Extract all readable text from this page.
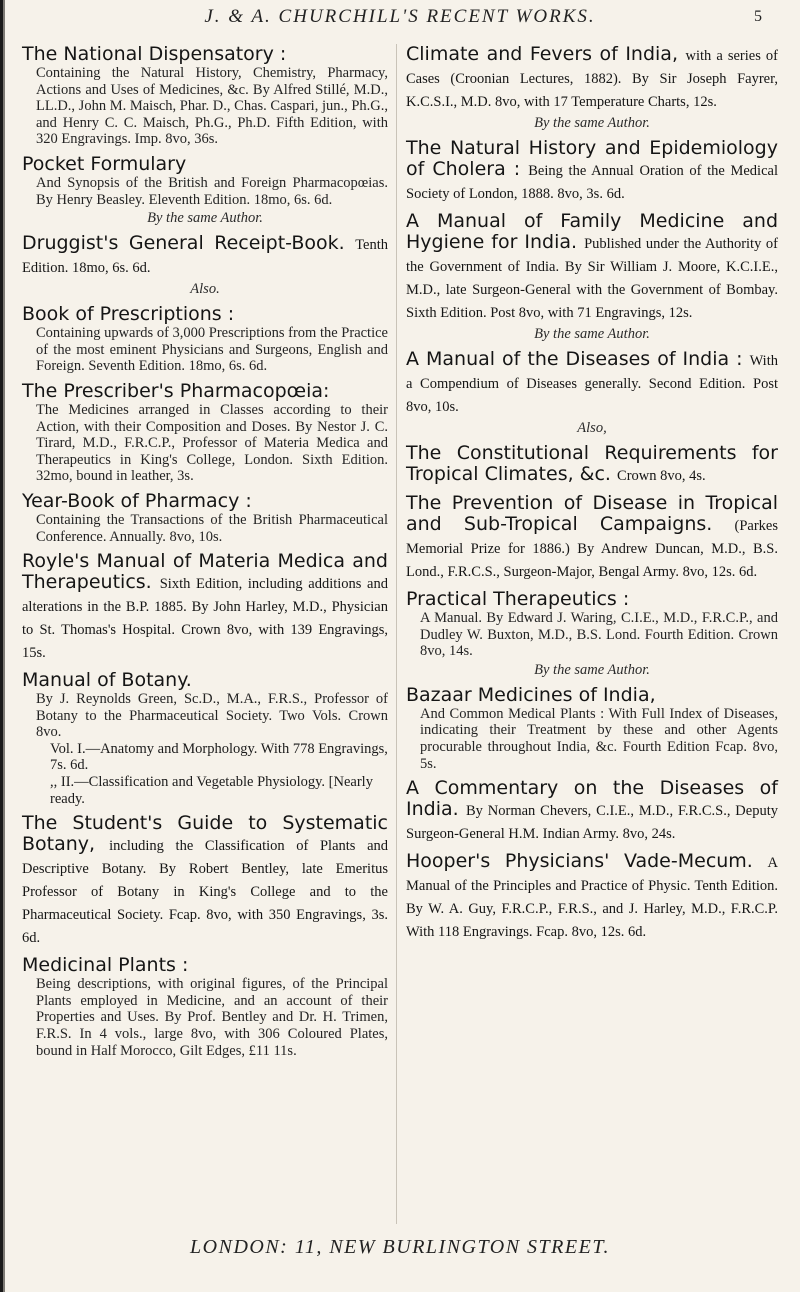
J. & A. CHURCHILL'S RECENT WORKS.	5

The National Dispensatory :

Containing the Natural History, Chemistry, Pharmacy, Actions and Uses of Medicines, &c. By Alfred Stillé, M.D., LL.D., John M. Maisch, Phar. D., Chas. Caspari, jun., Ph.G., and Henry C. C. Maisch, Ph.G., Ph.D. Fifth Edition, with 320 Engravings. Imp. 8vo, 36s.

Pocket Formulary

And Synopsis of the British and Foreign Pharmacopœias. By Henry Beasley. Eleventh Edition. 18mo, 6s. 6d.

By the same Author.

Druggist's General Receipt-Book. Tenth Edition. 18mo, 6s. 6d.

Also.

Book of Prescriptions :

Containing upwards of 3,000 Prescriptions from the Practice of the most eminent Physicians and Surgeons, English and Foreign. Seventh Edition. 18mo, 6s. 6d.

The Prescriber's Pharmacopœia:

The Medicines arranged in Classes according to their Action, with their Composition and Doses. By Nestor J. C. Tirard, M.D., F.R.C.P., Professor of Materia Medica and Therapeutics in King's College, London. Sixth Edition. 32mo, bound in leather, 3s.

Year-Book of Pharmacy :

Containing the Transactions of the British Pharmaceutical Conference. Annually. 8vo, 10s.

Royle's Manual of Materia Medica and Therapeutics. Sixth Edition, including additions and alterations in the B.P. 1885. By John Harley, M.D., Physician to St. Thomas's Hospital. Crown 8vo, with 139 Engravings, 15s.

Manual of Botany.

By J. Reynolds Green, Sc.D., M.A., F.R.S., Professor of Botany to the Pharmaceutical Society. Two Vols. Crown 8vo.

Vol. I.—Anatomy and Morphology. With 778 Engravings, 7s. 6d.

,, II.—Classification and Vegetable Physiology. [Nearly ready.

The Student's Guide to Systematic Botany, including the Classification of Plants and Descriptive Botany. By Robert Bentley, late Emeritus Professor of Botany in King's College and to the Pharmaceutical Society. Fcap. 8vo, with 350 Engravings, 3s. 6d.

Medicinal Plants :

Being descriptions, with original figures, of the Principal Plants employed in Medicine, and an account of their Properties and Uses. By Prof. Bentley and Dr. H. Trimen, F.R.S. In 4 vols., large 8vo, with 306 Coloured Plates, bound in Half Morocco, Gilt Edges, £11 11s.

Climate and Fevers of India, with a series of Cases (Croonian Lectures, 1882). By Sir Joseph Fayrer, K.C.S.I., M.D. 8vo, with 17 Temperature Charts, 12s.

By the same Author.

The Natural History and Epidemiology of Cholera : Being the Annual Oration of the Medical Society of London, 1888. 8vo, 3s. 6d.

A Manual of Family Medicine and Hygiene for India. Published under the Authority of the Government of India. By Sir William J. Moore, K.C.I.E., M.D., late Surgeon-General with the Government of Bombay. Sixth Edition. Post 8vo, with 71 Engravings, 12s.

By the same Author.

A Manual of the Diseases of India : With a Compendium of Diseases generally. Second Edition. Post 8vo, 10s.

Also,

The Constitutional Requirements for Tropical Climates, &c. Crown 8vo, 4s.

The Prevention of Disease in Tropical and Sub-Tropical Campaigns. (Parkes Memorial Prize for 1886.) By Andrew Duncan, M.D., B.S. Lond., F.R.C.S., Surgeon-Major, Bengal Army. 8vo, 12s. 6d.

Practical Therapeutics :

A Manual. By Edward J. Waring, C.I.E., M.D., F.R.C.P., and Dudley W. Buxton, M.D., B.S. Lond. Fourth Edition. Crown 8vo, 14s.

By the same Author.

Bazaar Medicines of India,

And Common Medical Plants : With Full Index of Diseases, indicating their Treatment by these and other Agents procurable throughout India, &c. Fourth Edition Fcap. 8vo, 5s.

A Commentary on the Diseases of India. By Norman Chevers, C.I.E., M.D., F.R.C.S., Deputy Surgeon-General H.M. Indian Army. 8vo, 24s.

Hooper's Physicians' Vade-Mecum. A Manual of the Principles and Practice of Physic. Tenth Edition. By W. A. Guy, F.R.C.P., F.R.S., and J. Harley, M.D., F.R.C.P. With 118 Engravings. Fcap. 8vo, 12s. 6d.

LONDON: 11, NEW BURLINGTON STREET.
